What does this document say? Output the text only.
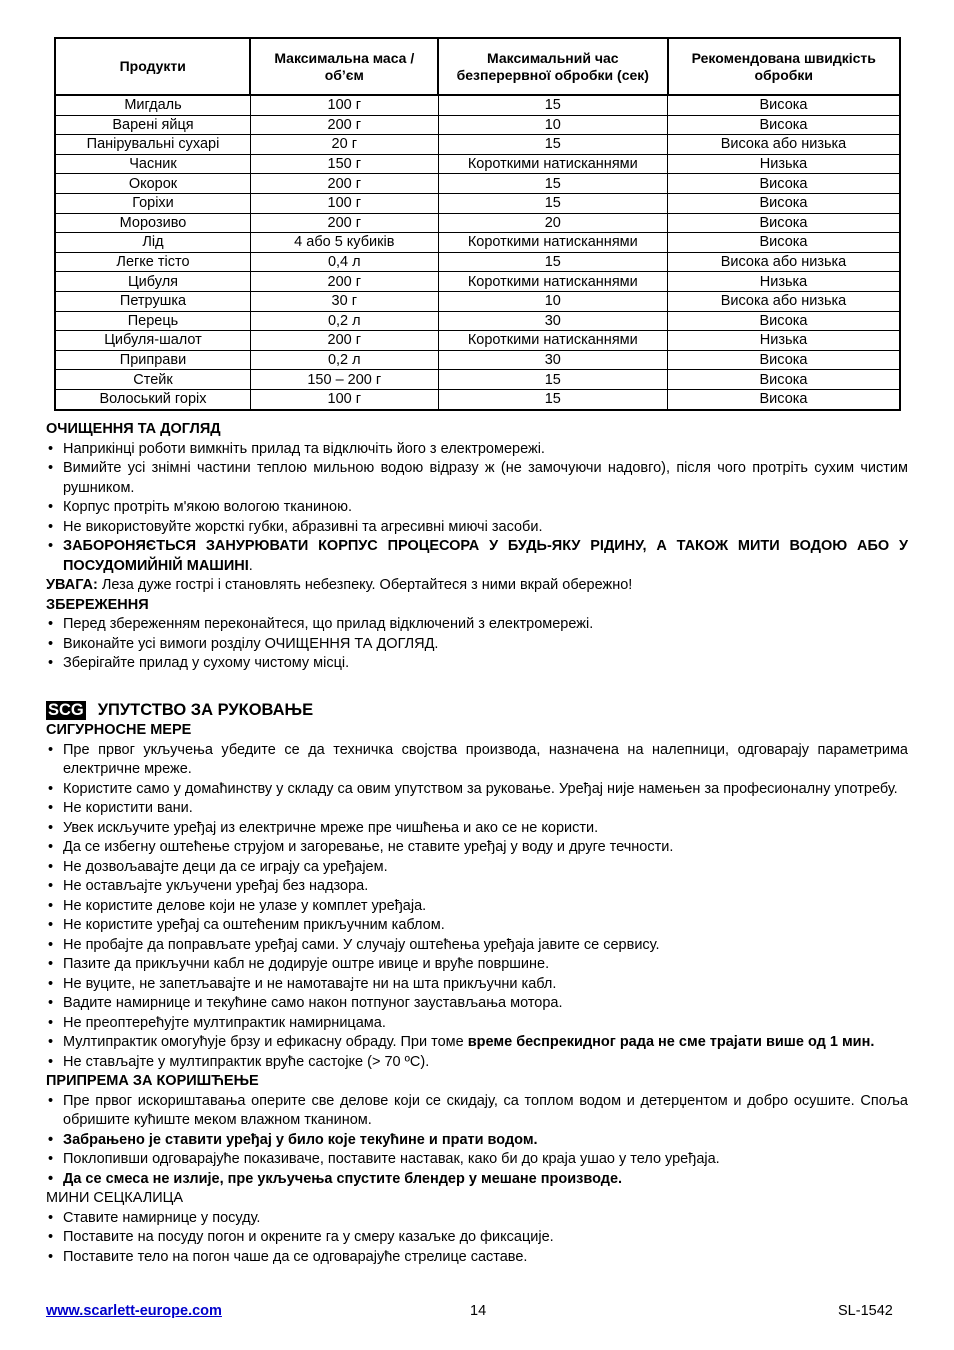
Продукти	Максимальна маса / об’єм	Максимальний час безперервної обробки (сек)	Рекомендована швидкість обробки
Мигдаль	100 г	15	Висока
Варені яйця	200 г	10	Висока
Панірувальні сухарі	20 г	15	Висока або низька
Часник	150 г	Короткими натисканнями	Низька
Окорок	200 г	15	Висока
Горіхи	100 г	15	Висока
Морозиво	200 г	20	Висока
Лід	4 або 5 кубиків	Короткими натисканнями	Висока
Легке тісто	0,4 л	15	Висока або низька
Цибуля	200 г	Короткими натисканнями	Низька
Петрушка	30 г	10	Висока або низька
Перець	0,2 л	30	Висока
Цибуля-шалот	200 г	Короткими натисканнями	Низька
Приправи	0,2 л	30	Висока
Стейк	150 – 200 г	15	Висока
Волоський горіх	100 г	15	Висока
ОЧИЩЕННЯ ТА ДОГЛЯД
• Наприкінці роботи вимкніть прилад та відключіть його з електромережі.
• Вимийте усі знімні частини теплою мильною водою відразу ж (не замочуючи надовго), після чого протріть сухим чистим рушником.
• Корпус протріть м'якою вологою тканиною.
• Не використовуйте жорсткі губки, абразивні та агресивні миючі засоби.
• ЗАБОРОНЯЄТЬСЯ ЗАНУРЮВАТИ КОРПУС ПРОЦЕСОРА У БУДЬ-ЯКУ РІДИНУ, А ТАКОЖ МИТИ ВОДОЮ АБО У ПОСУДОМИЙНІЙ МАШИНІ.
УВАГА: Леза дуже гострі і становлять небезпеку. Обертайтеся з ними вкрай обережно!
ЗБЕРЕЖЕННЯ
• Перед збереженням переконайтеся, що прилад відключений з електромережі.
• Виконайте усі вимоги розділу ОЧИЩЕННЯ ТА ДОГЛЯД.
• Зберігайте прилад у сухому чистому місці.
SCG УПУТСТВО ЗА РУКОВАЊЕ
СИГУРНОСНЕ МЕРЕ
• Пре првог укључења убедите се да техничка својства производа, назначена на налепници, одговарају параметрима електричне мреже.
• Користите само у домаћинству у складу са овим упутством за руковање. Уређај није намењен за професионалну употребу.
• Не користити вани.
• Увек искључите уређај из електричне мреже пре чишћења и ако се не користи.
• Да се избегну оштећење струјом и загоревање, не ставите уређај у воду и друге течности.
• Не дозвољавајте деци да се играју са уређајем.
• Не остављајте укључени уређај без надзора.
• Не користите делове који не улазе у комплет уређаја.
• Не користите уређај са оштећеним прикључним каблом.
• Не пробајте да поправљате уређај сами. У случају оштећења уређаја јавите се сервису.
• Пазите да прикључни кабл не додирује оштре ивице и вруће површине.
• Не вуците, не запетљавајте и не намотавајте ни на шта прикључни кабл.
• Вадите намирнице и текућине само након потпуног заустављања мотора.
• Не преоптерећујте мултипрактик намирницама.
• Мултипрактик омогућује брзу и ефикасну обраду. При томе време беспрекидног рада не сме трајати више од 1 мин.
• Не стављајте у мултипрактик вруће састојке (> 70 ºC).
ПРИПРЕМА ЗА КОРИШЋЕЊЕ
• Пре првог искориштавања оперите све делове који се скидају, са топлом водом и детерџентом и добро осушите. Споља обришите кућиште меком влажном тканином.
• Забрањено је ставити уређај у било које текућине и прати водом.
• Поклопивши одговарајуће показиваче, поставите наставак, како би до краја ушао у тело уређаја.
• Да се смеса не излије, пре укључења спустите блендер у мешане производе.
МИНИ СЕЦКАЛИЦА
• Ставите намирнице у посуду.
• Поставите на посуду погон и окрените га у смеру казаљке до фиксације.
• Поставите тело на погон чаше да се одговарајуће стрелице саставе.
www.scarlett-europe.com	14	SL-1542
